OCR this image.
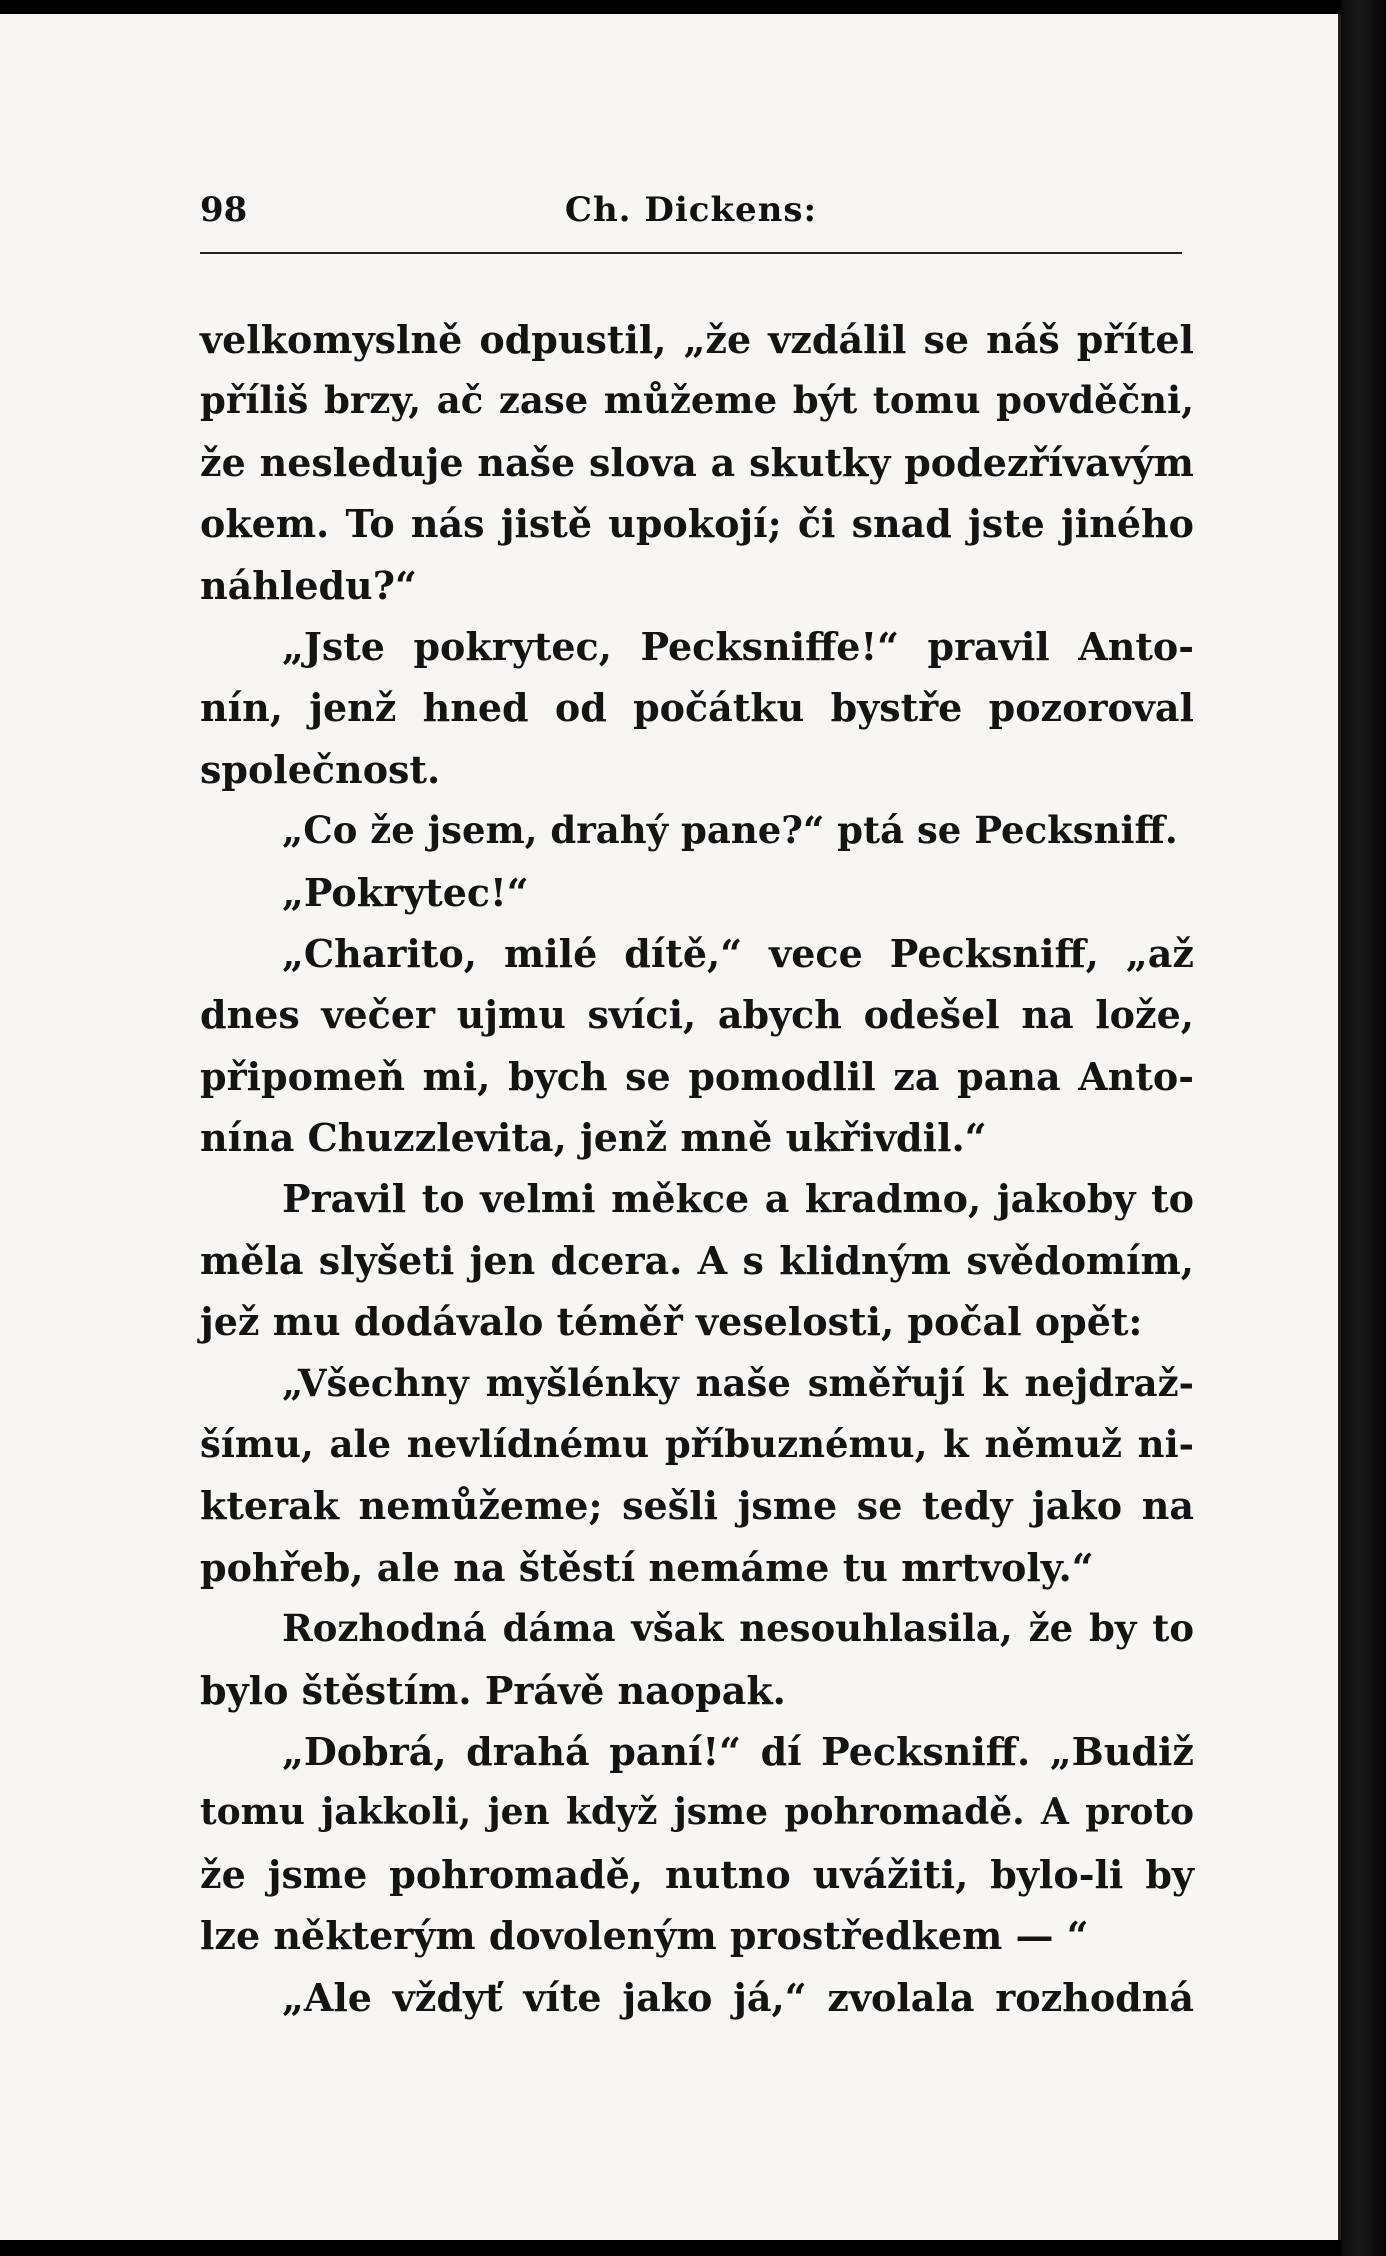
98	Ch. Dickens:
velkomyslně odpustil, „že vzdálil se náš přítel
příliš brzy, ač zase můžeme být tomu povděčni,
že nesleduje naše slova a skutky podezřívavým
okem. To nás jistě upokojí; či snad jste jiného
náhledu?“
„Jste pokrytec, Pecksniffe!“ pravil Anto-
nín, jenž hned od počátku bystře pozoroval
společnost.
„Co že jsem, drahý pane?“ ptá se Pecksniff.
„Pokrytec!“
„Charito, milé dítě,“ vece Pecksniff, „až
dnes večer ujmu svíci, abych odešel na lože,
připomeň mi, bych se pomodlil za pana Anto-
nína Chuzzlevita, jenž mně ukřivdil.“
Pravil to velmi měkce a kradmo, jakoby to
měla slyšeti jen dcera. A s klidným svědomím,
jež mu dodávalo téměř veselosti, počal opět:
„Všechny myšlénky naše směřují k nejdraž-
šímu, ale nevlídnému příbuznému, k němuž ni-
kterak nemůžeme; sešli jsme se tedy jako na
pohřeb, ale na štěstí nemáme tu mrtvoly.“
Rozhodná dáma však nesouhlasila, že by to
bylo štěstím. Právě naopak.
„Dobrá, drahá paní!“ dí Pecksniff. „Budiž
tomu jakkoli, jen když jsme pohromadě. A proto
že jsme pohromadě, nutno uvážiti, bylo-li by
lze některým dovoleným prostředkem — “
„Ale vždyť víte jako já,“ zvolala rozhodná
